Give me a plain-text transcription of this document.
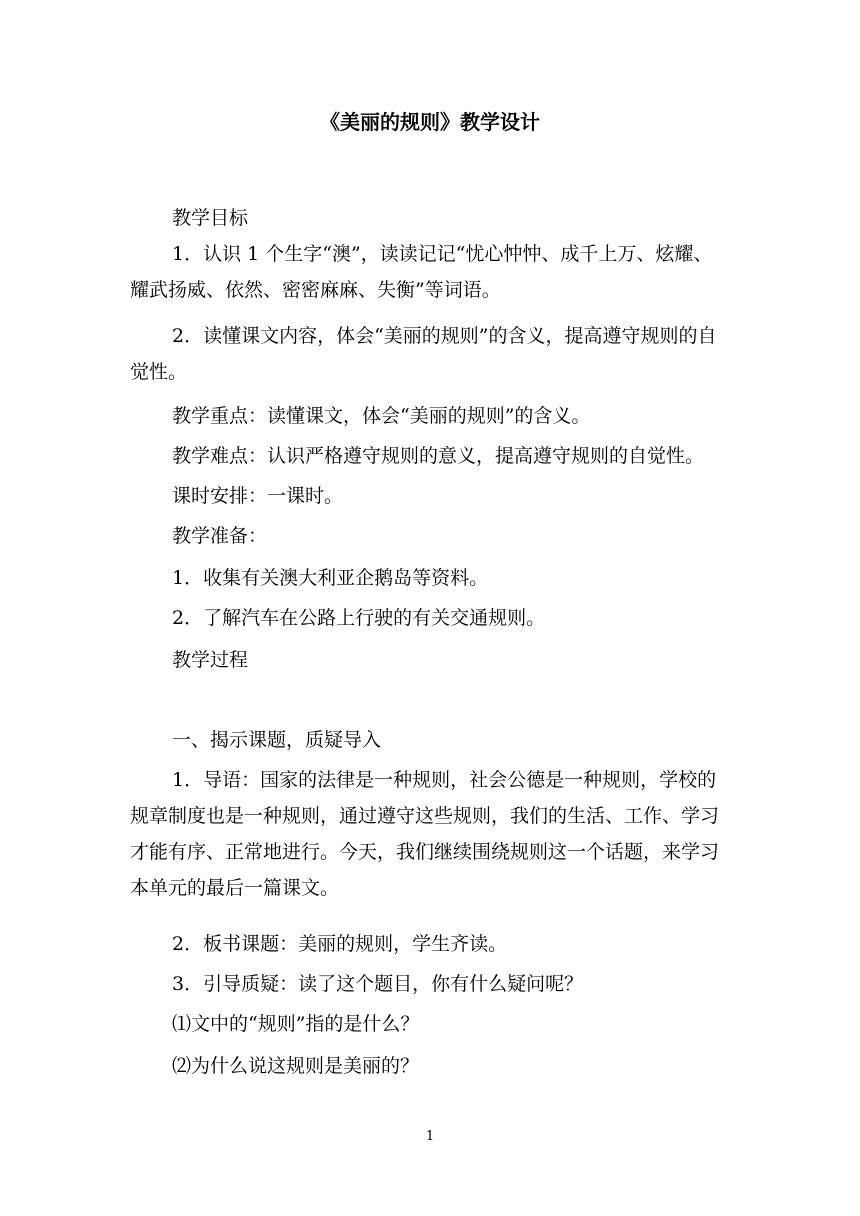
《美丽的规则》教学设计

教学目标

1．认识 1 个生字“澳”，读读记记“忧心忡忡、成千上万、炫耀、耀武扬威、依然、密密麻麻、失衡”等词语。

2．读懂课文内容，体会“美丽的规则”的含义，提高遵守规则的自觉性。

教学重点：读懂课文，体会“美丽的规则”的含义。

教学难点：认识严格遵守规则的意义，提高遵守规则的自觉性。

课时安排：一课时。

教学准备：

1．收集有关澳大利亚企鹅岛等资料。

2．了解汽车在公路上行驶的有关交通规则。

教学过程

一、揭示课题，质疑导入

1．导语：国家的法律是一种规则，社会公德是一种规则，学校的规章制度也是一种规则，通过遵守这些规则，我们的生活、工作、学习才能有序、正常地进行。今天，我们继续围绕规则这一个话题，来学习本单元的最后一篇课文。

2．板书课题：美丽的规则，学生齐读。

3．引导质疑：读了这个题目，你有什么疑问呢？

⑴文中的“规则”指的是什么？

⑵为什么说这规则是美丽的？

1
